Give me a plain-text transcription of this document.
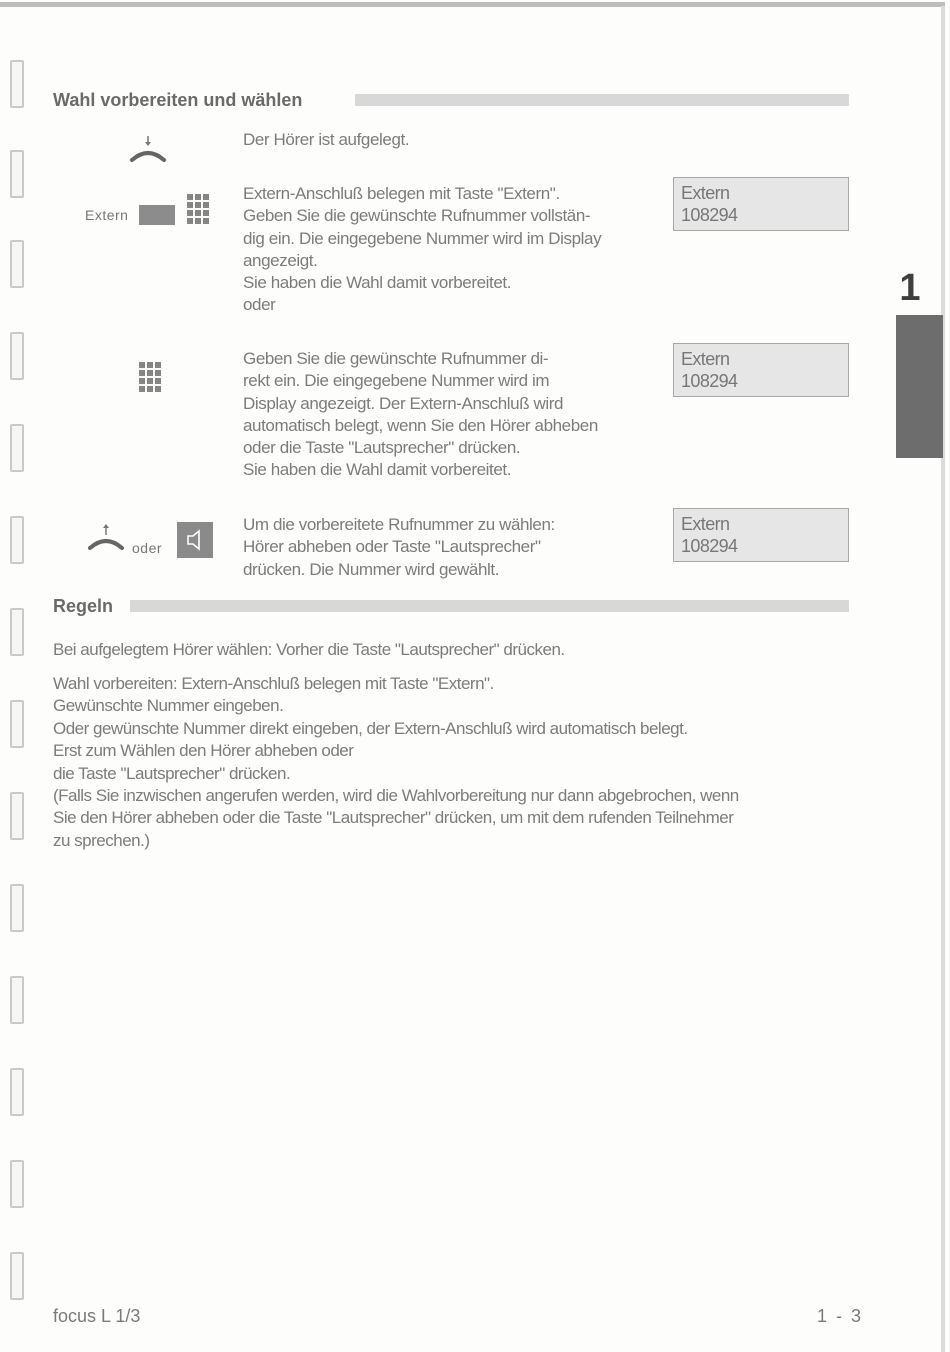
Wahl vorbereiten und wählen

Der Hörer ist aufgelegt.

Extern

Extern-Anschluß belegen mit Taste "Extern".

Geben Sie die gewünschte Rufnummer vollstän-

dig ein. Die eingegebene Nummer wird im Display

angezeigt.

Sie haben die Wahl damit vorbereitet.

oder

Extern
108294
1

Geben Sie die gewünschte Rufnummer di-

rekt ein. Die eingegebene Nummer wird im

Display angezeigt. Der Extern-Anschluß wird

automatisch belegt, wenn Sie den Hörer abheben

oder die Taste "Lautsprecher" drücken.

Sie haben die Wahl damit vorbereitet.

Extern
108294
oder

Um die vorbereitete Rufnummer zu wählen:

Hörer abheben oder Taste "Lautsprecher"

drücken. Die Nummer wird gewählt.

Extern
108294
Regeln

Bei aufgelegtem Hörer wählen: Vorher die Taste "Lautsprecher" drücken.

Wahl vorbereiten: Extern-Anschluß belegen mit Taste "Extern".

Gewünschte Nummer eingeben.

Oder gewünschte Nummer direkt eingeben, der Extern-Anschluß wird automatisch belegt.

Erst zum Wählen den Hörer abheben oder

die Taste "Lautsprecher" drücken.

(Falls Sie inzwischen angerufen werden, wird die Wahlvorbereitung nur dann abgebrochen, wenn

Sie den Hörer abheben oder die Taste "Lautsprecher" drücken, um mit dem rufenden Teilnehmer

zu sprechen.)

focus L 1/3	1 - 3
